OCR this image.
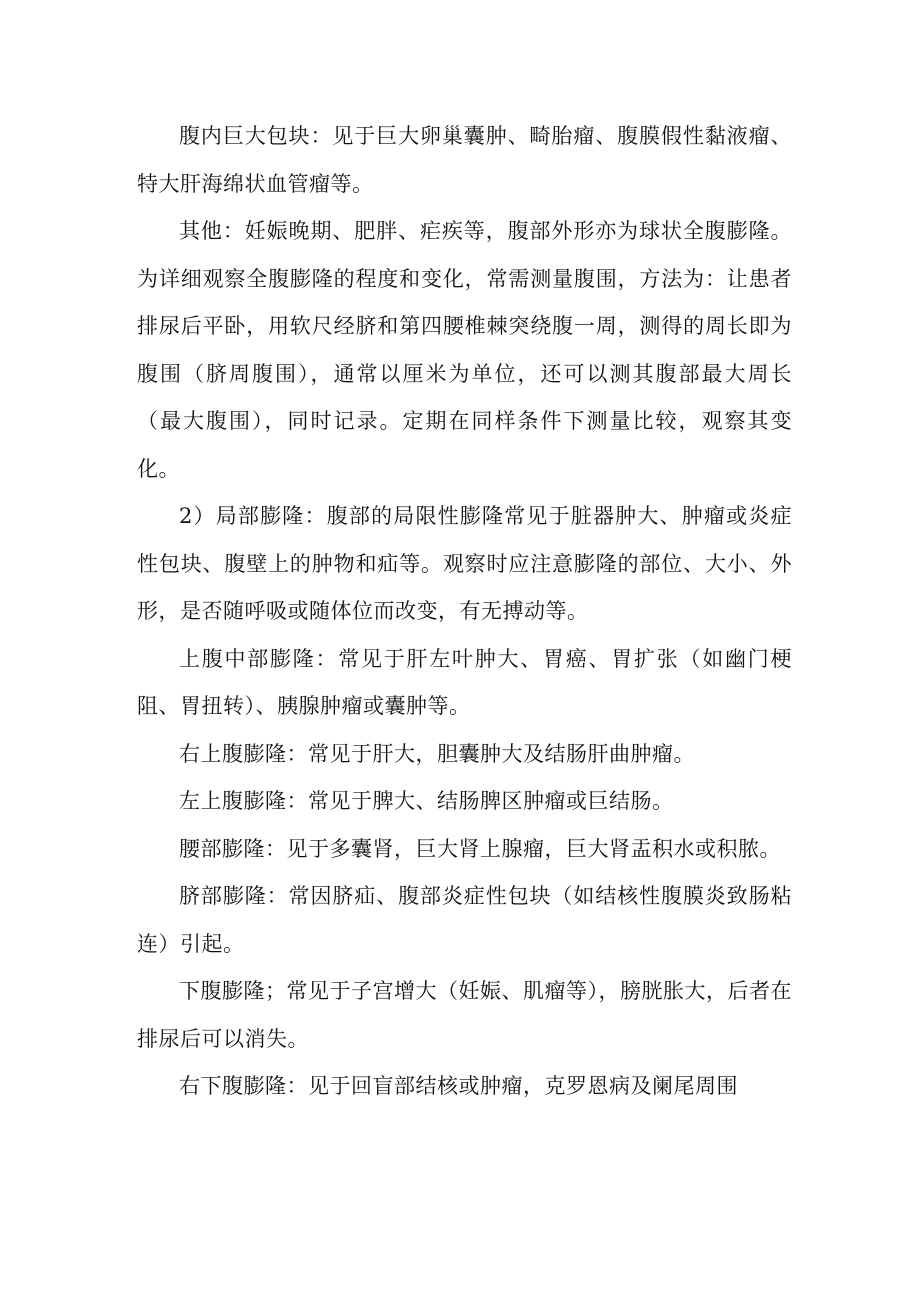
腹内巨大包块：见于巨大卵巢囊肿、畸胎瘤、腹膜假性黏液瘤、特大肝海绵状血管瘤等。

其他：妊娠晚期、肥胖、疟疾等，腹部外形亦为球状全腹膨隆。为详细观察全腹膨隆的程度和变化，常需测量腹围，方法为：让患者排尿后平卧，用软尺经脐和第四腰椎棘突绕腹一周，测得的周长即为腹围（脐周腹围），通常以厘米为单位，还可以测其腹部最大周长（最大腹围），同时记录。定期在同样条件下测量比较，观察其变化。

2）局部膨隆：腹部的局限性膨隆常见于脏器肿大、肿瘤或炎症性包块、腹壁上的肿物和疝等。观察时应注意膨隆的部位、大小、外形，是否随呼吸或随体位而改变，有无搏动等。

上腹中部膨隆：常见于肝左叶肿大、胃癌、胃扩张（如幽门梗阻、胃扭转）、胰腺肿瘤或囊肿等。

右上腹膨隆：常见于肝大，胆囊肿大及结肠肝曲肿瘤。

左上腹膨隆：常见于脾大、结肠脾区肿瘤或巨结肠。

腰部膨隆：见于多囊肾，巨大肾上腺瘤，巨大肾盂积水或积脓。

脐部膨隆：常因脐疝、腹部炎症性包块（如结核性腹膜炎致肠粘连）引起。

下腹膨隆；常见于子宫增大（妊娠、肌瘤等），膀胱胀大，后者在排尿后可以消失。

右下腹膨隆：见于回盲部结核或肿瘤，克罗恩病及阑尾周围
